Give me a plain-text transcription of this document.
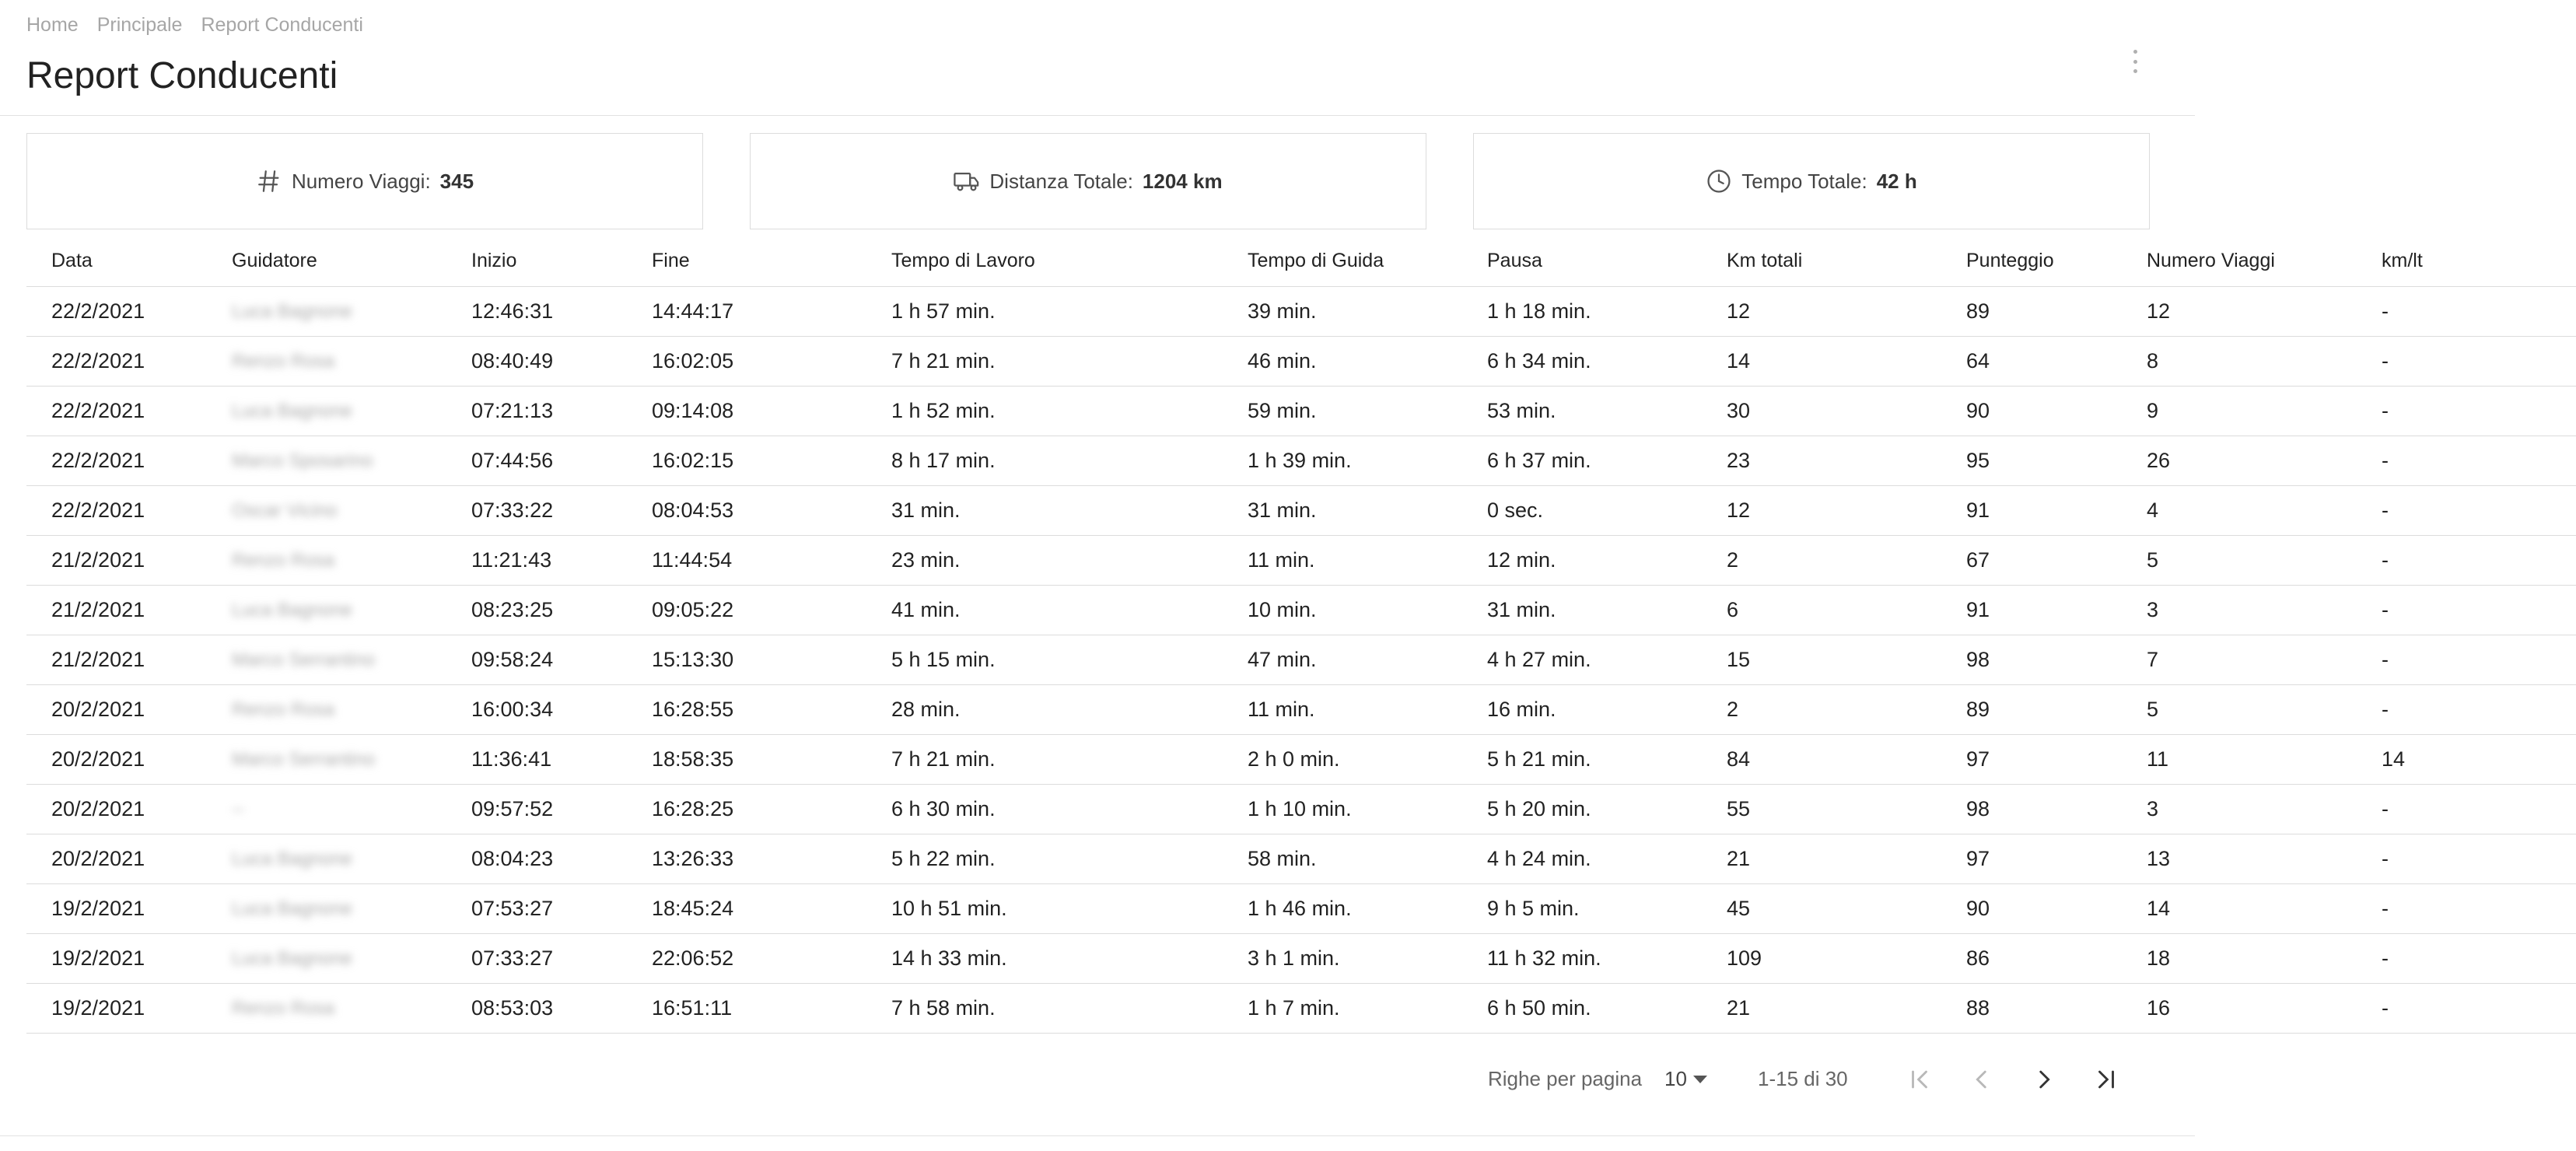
Home Principale Report Conducenti
Report Conducenti
Numero Viaggi: 345	Distanza Totale: 1204 km	Tempo Totale: 42 h
Data	Guidatore	Inizio	Fine	Tempo di Lavoro	Tempo di Guida	Pausa	Km totali	Punteggio	Numero Viaggi	km/lt
22/2/2021	Luca Bagnone	12:46:31	14:44:17	1 h 57 min.	39 min.	1 h 18 min.	12	89	12	-
22/2/2021	Renzo Rosa	08:40:49	16:02:05	7 h 21 min.	46 min.	6 h 34 min.	14	64	8	-
22/2/2021	Luca Bagnone	07:21:13	09:14:08	1 h 52 min.	59 min.	53 min.	30	90	9	-
22/2/2021	Marco Sposarino	07:44:56	16:02:15	8 h 17 min.	1 h 39 min.	6 h 37 min.	23	95	26	-
22/2/2021	Oscar Vicino	07:33:22	08:04:53	31 min.	31 min.	0 sec.	12	91	4	-
21/2/2021	Renzo Rosa	11:21:43	11:44:54	23 min.	11 min.	12 min.	2	67	5	-
21/2/2021	Luca Bagnone	08:23:25	09:05:22	41 min.	10 min.	31 min.	6	91	3	-
21/2/2021	Marco Serrantino	09:58:24	15:13:30	5 h 15 min.	47 min.	4 h 27 min.	15	98	7	-
20/2/2021	Renzo Rosa	16:00:34	16:28:55	28 min.	11 min.	16 min.	2	89	5	-
20/2/2021	Marco Serrantino	11:36:41	18:58:35	7 h 21 min.	2 h 0 min.	5 h 21 min.	84	97	11	14
20/2/2021	--	09:57:52	16:28:25	6 h 30 min.	1 h 10 min.	5 h 20 min.	55	98	3	-
20/2/2021	Luca Bagnone	08:04:23	13:26:33	5 h 22 min.	58 min.	4 h 24 min.	21	97	13	-
19/2/2021	Luca Bagnone	07:53:27	18:45:24	10 h 51 min.	1 h 46 min.	9 h 5 min.	45	90	14	-
19/2/2021	Luca Bagnone	07:33:27	22:06:52	14 h 33 min.	3 h 1 min.	11 h 32 min.	109	86	18	-
19/2/2021	Renzo Rosa	08:53:03	16:51:11	7 h 58 min.	1 h 7 min.	6 h 50 min.	21	88	16	-
Righe per pagina 10	1-15 di 30
